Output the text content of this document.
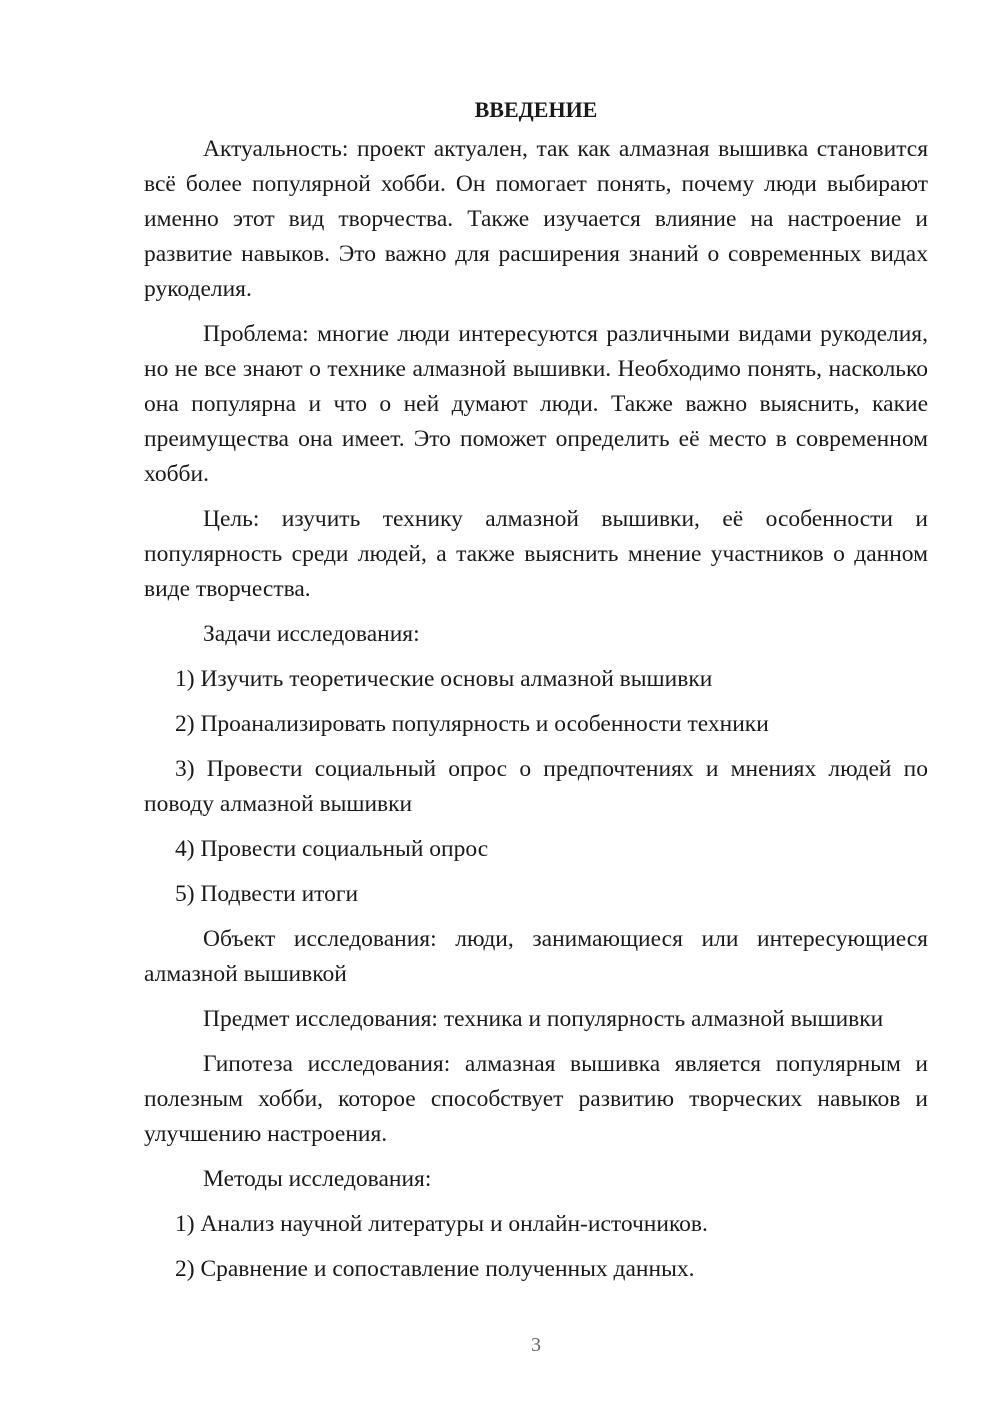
ВВЕДЕНИЕ

Актуальность: проект актуален, так как алмазная вышивка становится всё более популярной хобби. Он помогает понять, почему люди выбирают именно этот вид творчества. Также изучается влияние на настроение и развитие навыков. Это важно для расширения знаний о современных видах рукоделия.

Проблема: многие люди интересуются различными видами рукоделия, но не все знают о технике алмазной вышивки. Необходимо понять, насколько она популярна и что о ней думают люди. Также важно выяснить, какие преимущества она имеет. Это поможет определить её место в современном хобби.

Цель: изучить технику алмазной вышивки, её особенности и популярность среди людей, а также выяснить мнение участников о данном виде творчества.

Задачи исследования:

1) Изучить теоретические основы алмазной вышивки

2) Проанализировать популярность и особенности техники

3) Провести социальный опрос о предпочтениях и мнениях людей по поводу алмазной вышивки

4) Провести социальный опрос

5) Подвести итоги

Объект исследования: люди, занимающиеся или интересующиеся алмазной вышивкой

Предмет исследования: техника и популярность алмазной вышивки

Гипотеза исследования: алмазная вышивка является популярным и полезным хобби, которое способствует развитию творческих навыков и улучшению настроения.

Методы исследования:

1) Анализ научной литературы и онлайн-источников.

2) Сравнение и сопоставление полученных данных.

3
